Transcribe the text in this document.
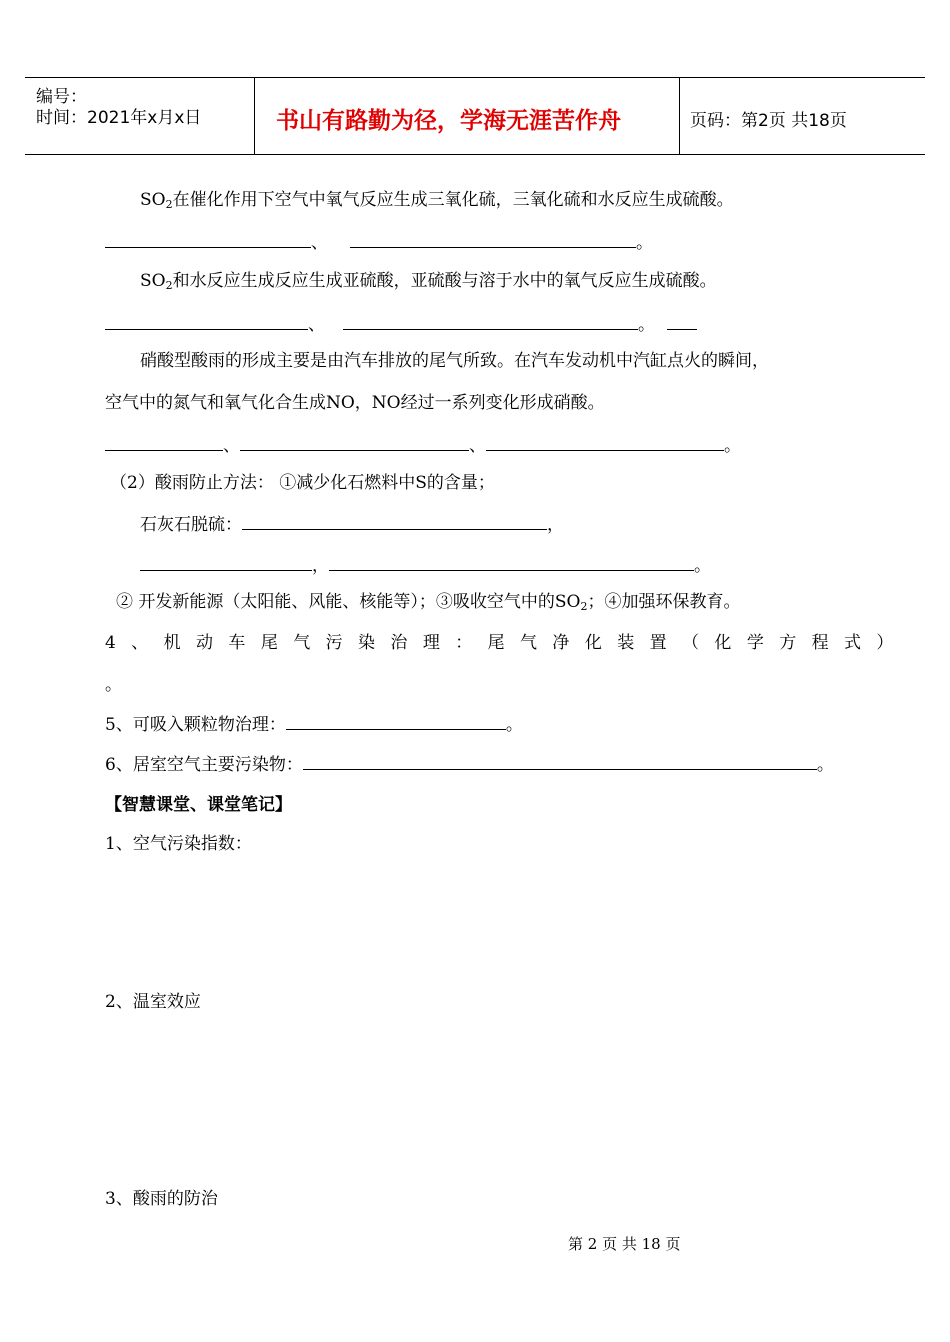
编号：
时间：2021年x月x日	书山有路勤为径，学海无涯苦作舟	页码：第2页 共18页
$SO_2$在催化作用下空气中氧气反应生成三氧化硫，三氧化硫和水反应生成硫酸。
、	。
$SO_2$和水反应生成反应生成亚硫酸，亚硫酸与溶于水中的氧气反应生成硫酸。
、	。
硝酸型酸雨的形成主要是由汽车排放的尾气所致。在汽车发动机中汽缸点火的瞬间，
空气中的氮气和氧气化合生成NO，NO经过一系列变化形成硝酸。
、	、	。
（2）酸雨防止方法： ①减少化石燃料中S的含量；
石灰石脱硫：	，
，	。
② 开发新能源（太阳能、风能、核能等）；③吸收空气中的$SO_2$；④加强环保教育。
4、机动车尾气污染治理：尾气净化装置（化学方程式）
。
5、可吸入颗粒物治理：	。
6、居室空气主要污染物：	。
【智慧课堂、课堂笔记】
1、空气污染指数：
2、温室效应
3、酸雨的防治
第 2 页 共 18 页
